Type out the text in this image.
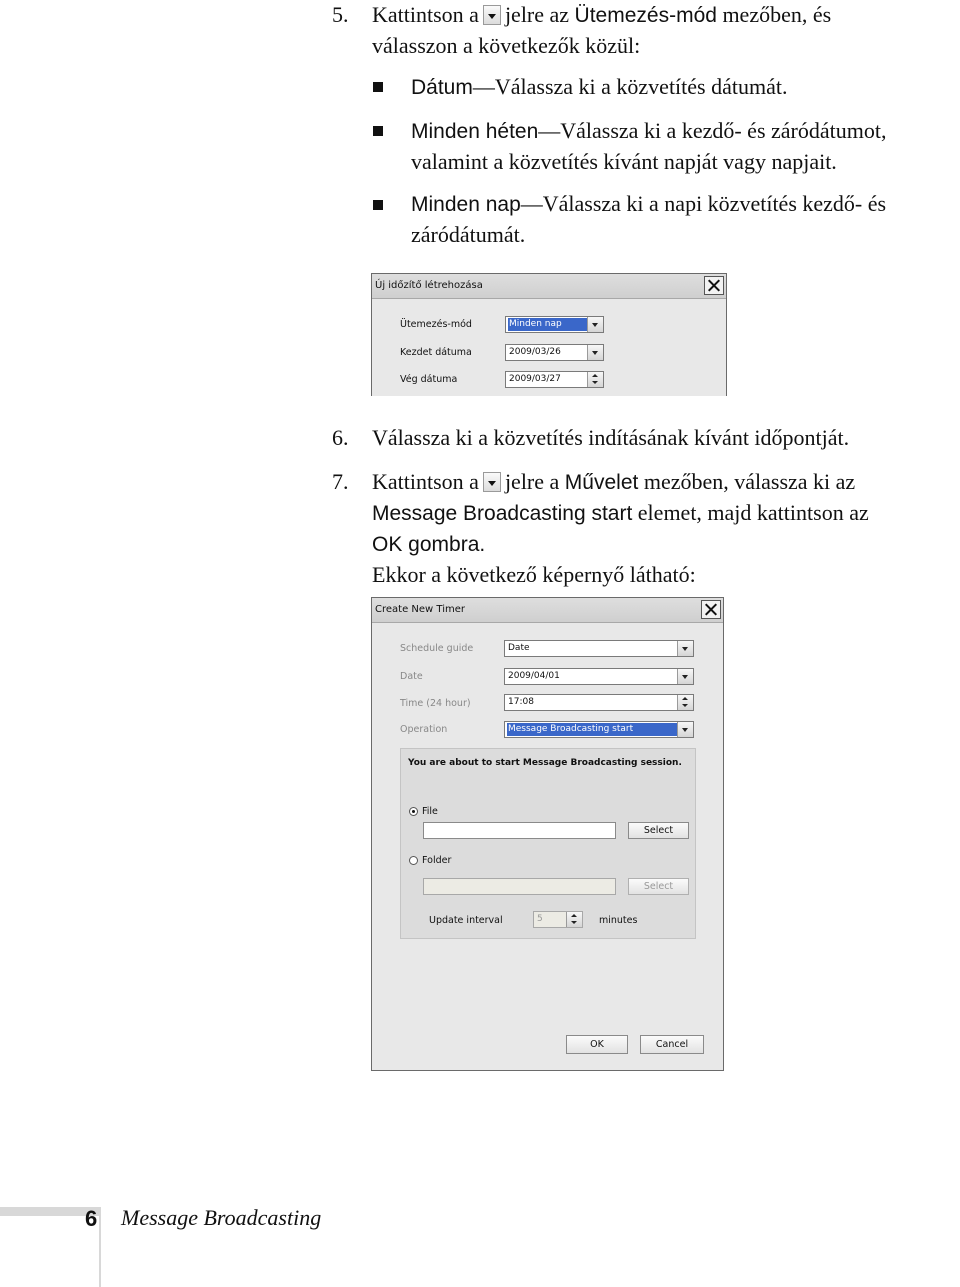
5. Kattintson a jelre az Ütemezés-mód mezőben, és
válasszon a következők közül:
Dátum—Válassza ki a közvetítés dátumát.
Minden héten—Válassza ki a kezdő- és záródátumot,
valamint a közvetítés kívánt napját vagy napjait.
Minden nap—Válassza ki a napi közvetítés kezdő- és
záródátumát.
Új időzítő létrehozása
Ütemezés-mód	Minden nap
Kezdet dátuma	2009/03/26
Vég dátuma	2009/03/27
6. Válassza ki a közvetítés indításának kívánt időpontját.
7. Kattintson a jelre a Művelet mezőben, válassza ki az
Message Broadcasting start elemet, majd kattintson az
OK gombra.
Ekkor a következő képernyő látható:
Create New Timer
Schedule guide	Date
Date	2009/04/01
Time (24 hour)	17:08
Operation	Message Broadcasting start
You are about to start Message Broadcasting session.
File
Select
Folder
Select
Update interval	5	minutes
OK	Cancel
6 Message Broadcasting
